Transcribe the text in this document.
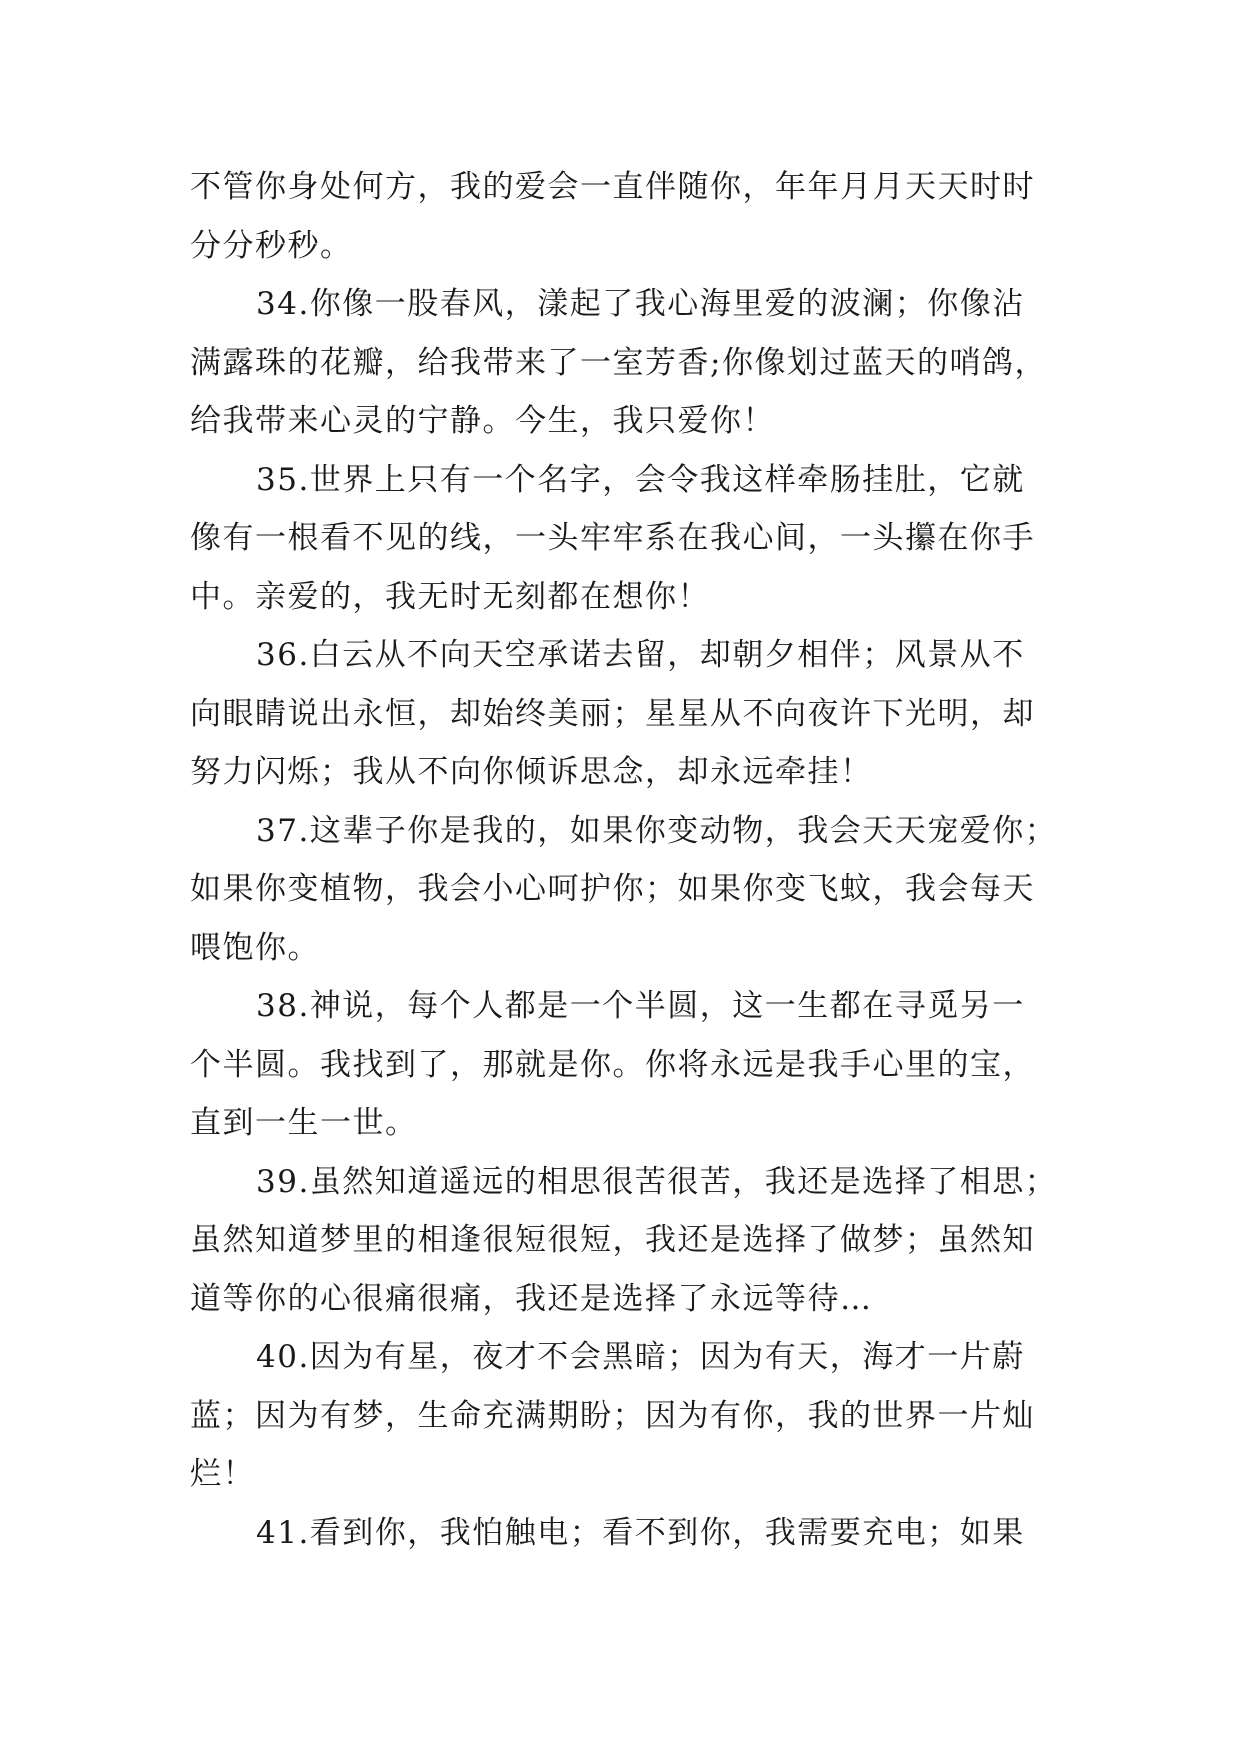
不管你身处何方，我的爱会一直伴随你，年年月月天天时时
分分秒秒。
34.你像一股春风，漾起了我心海里爱的波澜；你像沾
满露珠的花瓣，给我带来了一室芳香;你像划过蓝天的哨鸽，
给我带来心灵的宁静。今生，我只爱你！
35.世界上只有一个名字，会令我这样牵肠挂肚，它就
像有一根看不见的线，一头牢牢系在我心间，一头攥在你手
中。亲爱的，我无时无刻都在想你！
36.白云从不向天空承诺去留，却朝夕相伴；风景从不
向眼睛说出永恒，却始终美丽；星星从不向夜许下光明，却
努力闪烁；我从不向你倾诉思念，却永远牵挂！
37.这辈子你是我的，如果你变动物，我会天天宠爱你；
如果你变植物，我会小心呵护你；如果你变飞蚊，我会每天
喂饱你。
38.神说，每个人都是一个半圆，这一生都在寻觅另一
个半圆。我找到了，那就是你。你将永远是我手心里的宝，
直到一生一世。
39.虽然知道遥远的相思很苦很苦，我还是选择了相思；
虽然知道梦里的相逢很短很短，我还是选择了做梦；虽然知
道等你的心很痛很痛，我还是选择了永远等待…
40.因为有星，夜才不会黑暗；因为有天，海才一片蔚
蓝；因为有梦，生命充满期盼；因为有你，我的世界一片灿
烂！
41.看到你，我怕触电；看不到你，我需要充电；如果
